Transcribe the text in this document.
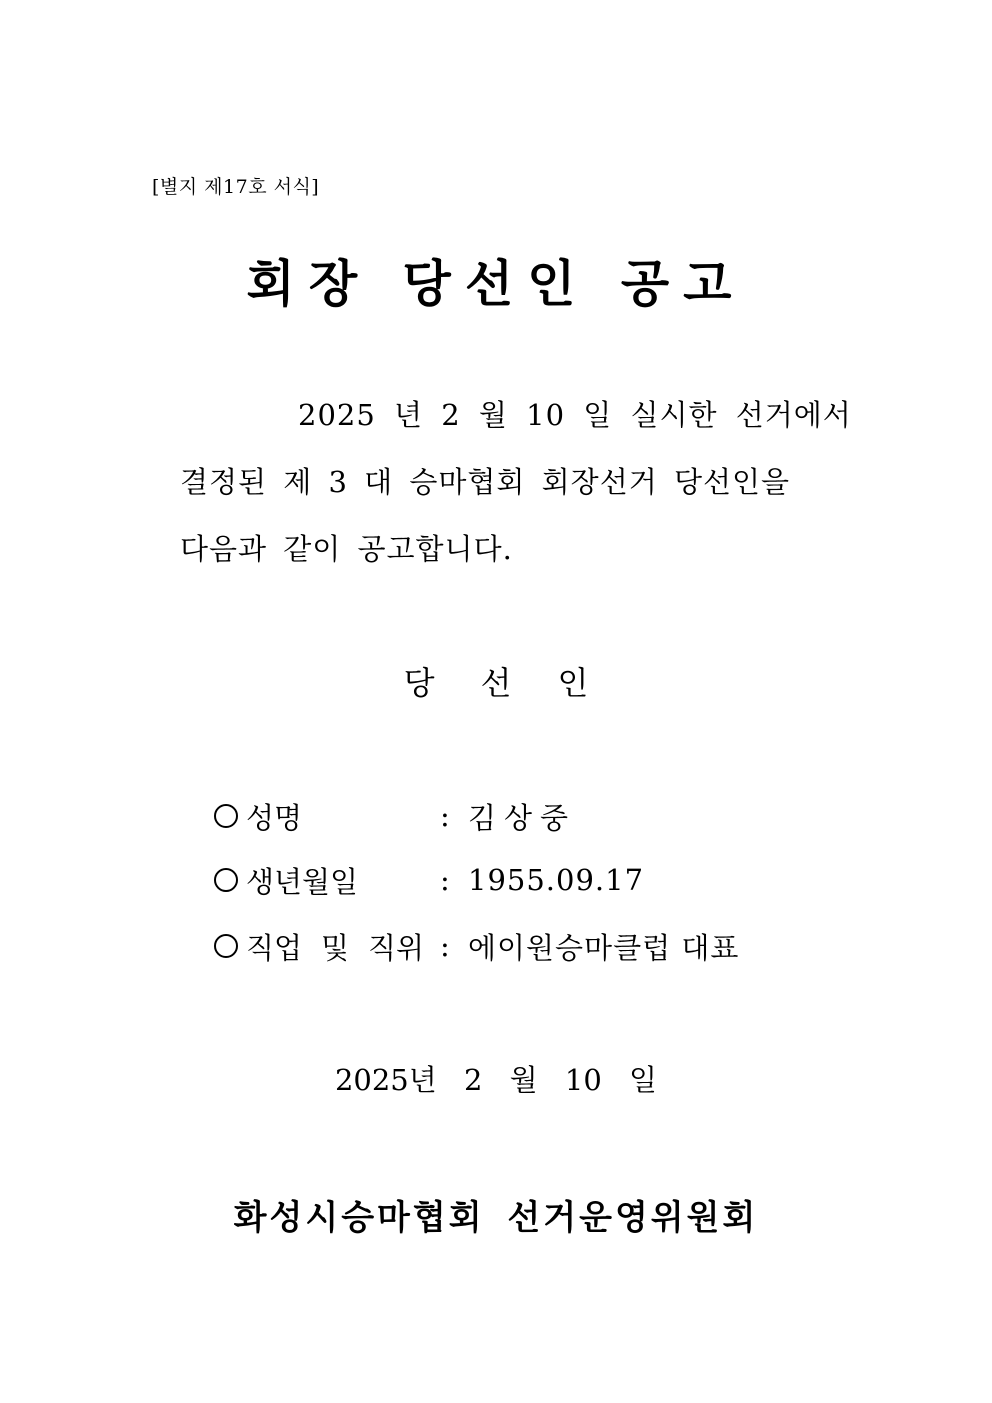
[별지 제17호 서식]
회장 당선인 공고
2025 년 2 월 10 일 실시한 선거에서
결정된 제 3 대 승마협회 회장선거 당선인을
다음과 같이 공고합니다.
당선인
성명	: 김상중
생년월일	: 1955.09.17
직업 및 직위 : 에이원승마클럽 대표
2025년 2 월 10 일
화성시승마협회 선거운영위원회
